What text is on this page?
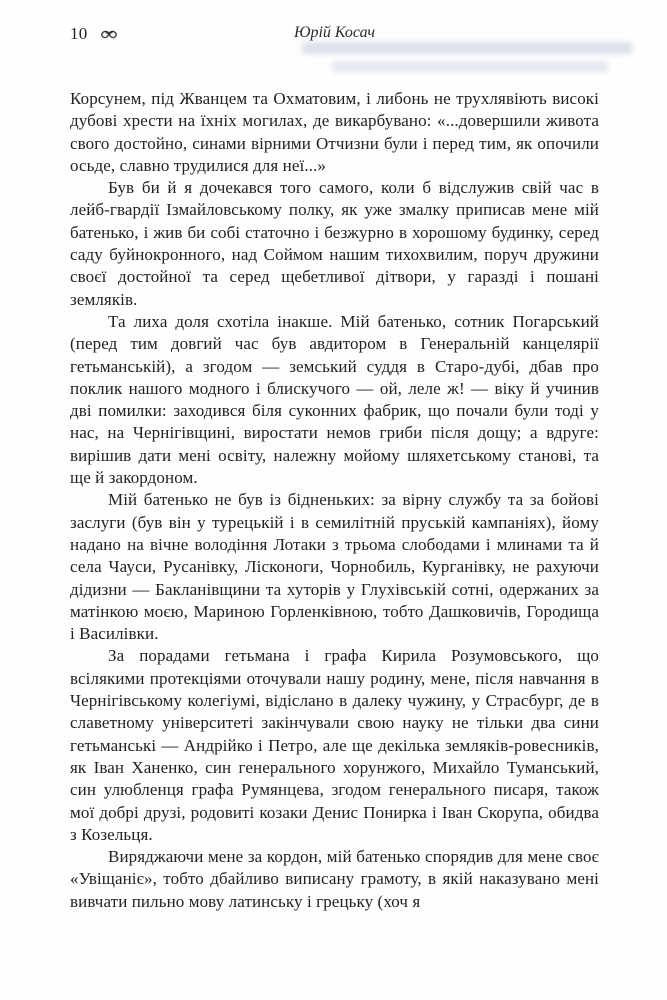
10	Юрій Косач

Корсунем, під Жванцем та Охматовим, і либонь не трухлявіють високі дубові хрести на їхніх могилах, де викарбувано: «...довершили живота свого достойно, синами вірними Отчизни були і перед тим, як опочили осьде, славно трудилися для неї...»

Був би й я дочекався того самого, коли б відслужив свій час в лейб-гвардії Ізмайловському полку, як уже змалку приписав мене мій батенько, і жив би собі статочно і безжурно в хорошому будинку, серед саду буйнокронного, над Соймом нашим тихохвилим, поруч дружини своєї достойної та серед щебетливої дітвори, у гаразді і пошані земляків.

Та лиха доля схотіла інакше. Мій батенько, сотник Погарський (перед тим довгий час був авдитором в Генеральній канцелярії гетьманській), а згодом — земський суддя в Старо-дубі, дбав про поклик нашого модного і блискучого — ой, леле ж! — віку й учинив дві помилки: заходився біля суконних фабрик, що почали були тоді у нас, на Чернігівщині, виростати немов гриби після дощу; а вдруге: вирішив дати мені освіту, належну мойому шляхетському станові, та ще й закордоном.

Мій батенько не був із бідненьких: за вірну службу та за бойові заслуги (був він у турецькій і в семилітній пруській кампаніях), йому надано на вічне володіння Лотаки з трьома слободами і млинами та й села Чауси, Русанівку, Лісконоги, Чорнобиль, Курганівку, не рахуючи дідизни — Бакланівщини та хуторів у Глухівській сотні, одержаних за матінкою моєю, Мариною Горленківною, тобто Дашковичів, Городища і Василівки.

За порадами гетьмана і графа Кирила Розумовського, що всілякими протекціями оточували нашу родину, мене, після навчання в Чернігівському колегіумі, відіслано в далеку чужину, у Страсбург, де в славетному університеті закінчували свою науку не тільки два сини гетьманські — Андрійко і Петро, але ще декілька земляків-ровесників, як Іван Ханенко, син генерального хорунжого, Михайло Туманський, син улюбленця графа Румянцева, згодом генерального писаря, також мої добрі друзі, родовиті козаки Денис Понирка і Іван Скорупа, обидва з Козельця.

Виряджаючи мене за кордон, мій батенько спорядив для мене своє «Увіщаніє», тобто дбайливо виписану грамоту, в якій наказувано мені вивчати пильно мову латинську і грецьку (хоч я
